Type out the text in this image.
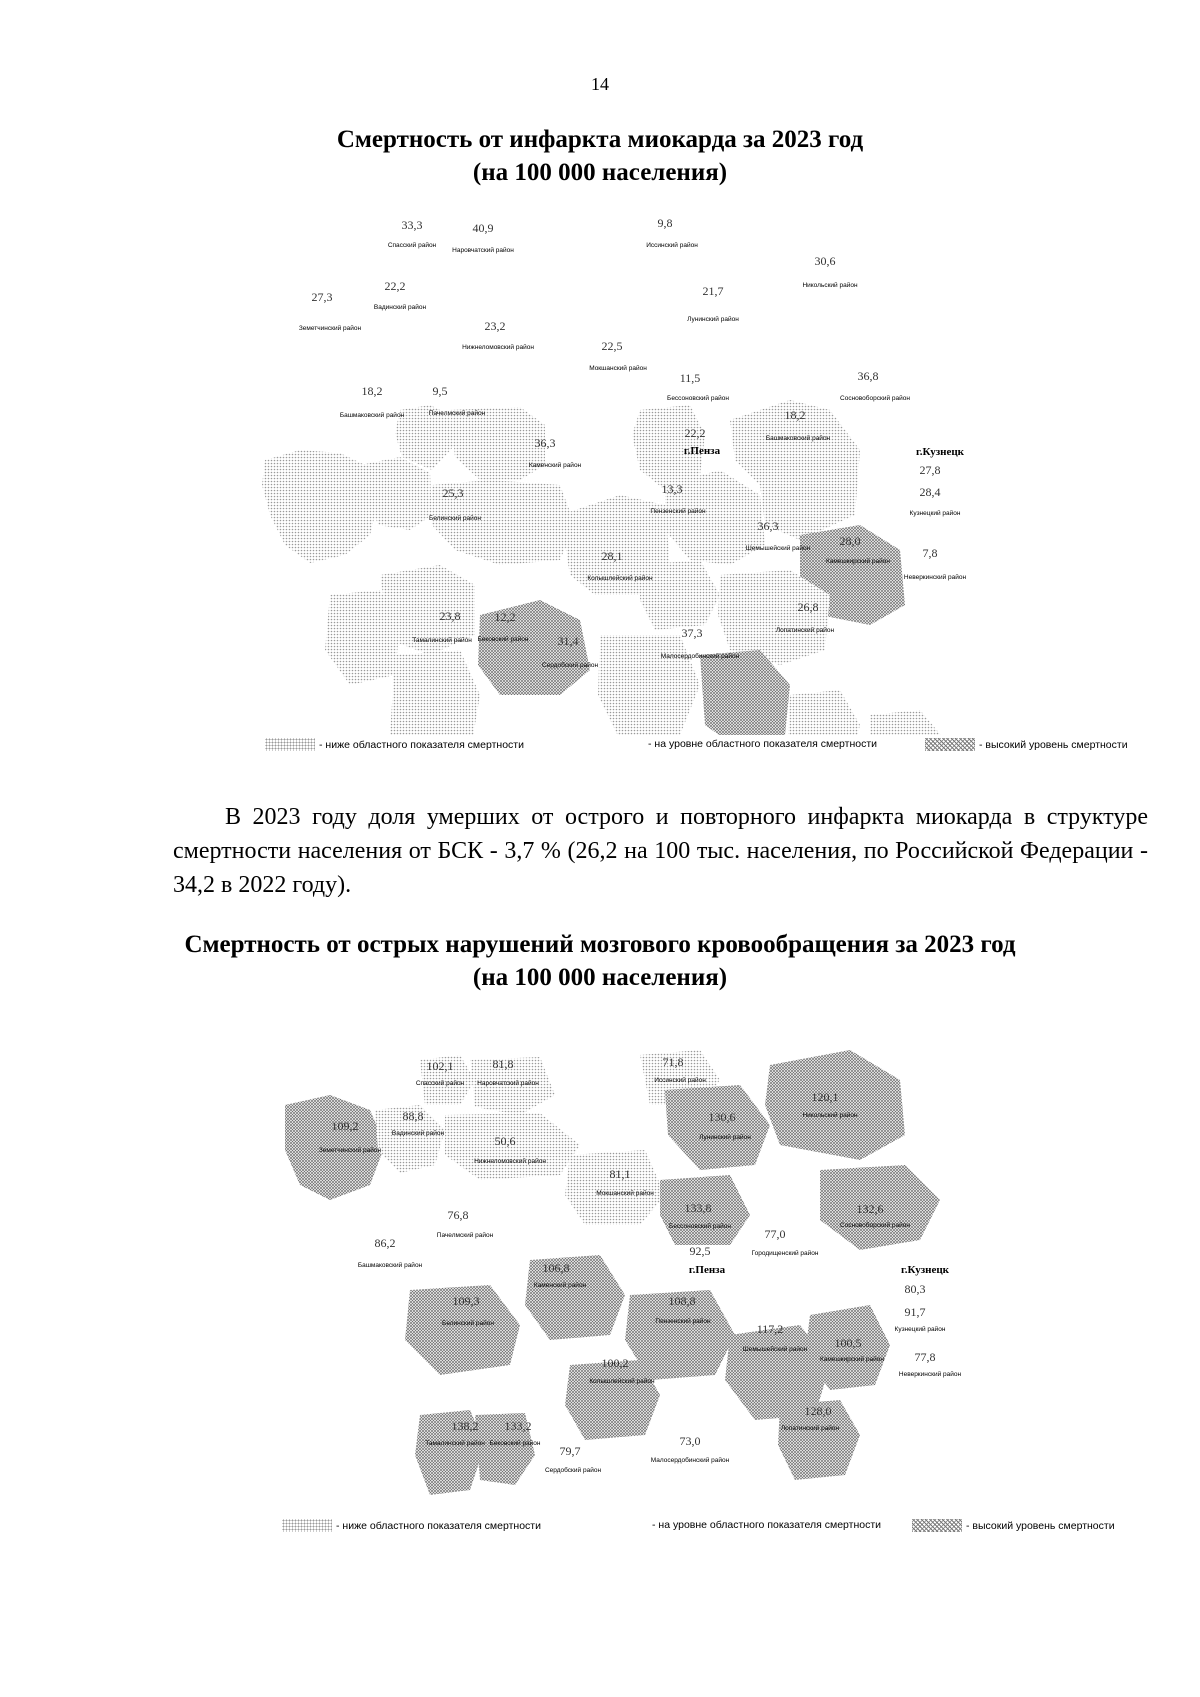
14
Смертность от инфаркта миокарда за 2023 год
(на 100 000 населения)
33,3
Спасский район
40,9
Наровчатский район
9,8
Иссинский район
30,6
Никольский район
22,2
Вадинский район
27,3
Земетчинский район
21,7
Лунинский район
23,2
Нижнеломовский район	22,5
Мокшанский район
11,5
Бессоновский район
36,8
Сосновоборский район
9,5
Пачелмский район	18,2
Башмаковский район
22,2
г.Пенза
36,3
Каменский район
г.Кузнецк
27,8
28,4
Кузнецкий район
25,3
Белинский район
13,3
Пензенский район
36,3
Шемышейский район
28,0
Камешкирский район
7,8
Неверкинский район
28,1
Колышлейский район
26,8
Лопатинский район
23,8
Тамалинский район
12,2
Бековский район 31,4
Сердобский район
37,3
Малосердобинский район
18,2
Башмаковский район
- ниже областного показателя смертности	- на уровне областного показателя смертности	- высокий уровень смертности

В 2023 году доля умерших от острого и повторного инфаркта миокарда в структуре смертности населения от БСК - 3,7 % (26,2 на 100 тыс. населения, по Российской Федерации - 34,2 в 2022 году).

Смертность от острых нарушений мозгового кровообращения за 2023 год
(на 100 000 населения)
102,1
Спасский район
81,8
Наровчатский район
71,8
Иссинский район
120,1
Никольский район
88,8
Вадинский район
109,2
Земетчинский район
130,6
Лунинский район
50,6
Нижнеломовский район
81,1
Мокшанский район
133,8
Бессоновский район
132,6
Сосновоборский район
76,8
Пачелмский район	77,0
Городищенский район
92,5
г.Пенза
86,2
Башмаковский район	106,8
Каменский район
г.Кузнецк
80,3
91,7
Кузнецкий район
109,3
Белинский район
108,8
Пензенский район
117,2
Шемышейский район 100,5
Камешкирский район	77,8
Неверкинский район
100,2
Колышлейский район
128,0
Лопатинский район
138,2
Тамалинский район
133,2
Бековский район
79,7
Сердобский район
73,0
Малосердобинский район
- ниже областного показателя смертности	- на уровне областного показателя смертности	- высокий уровень смертности
